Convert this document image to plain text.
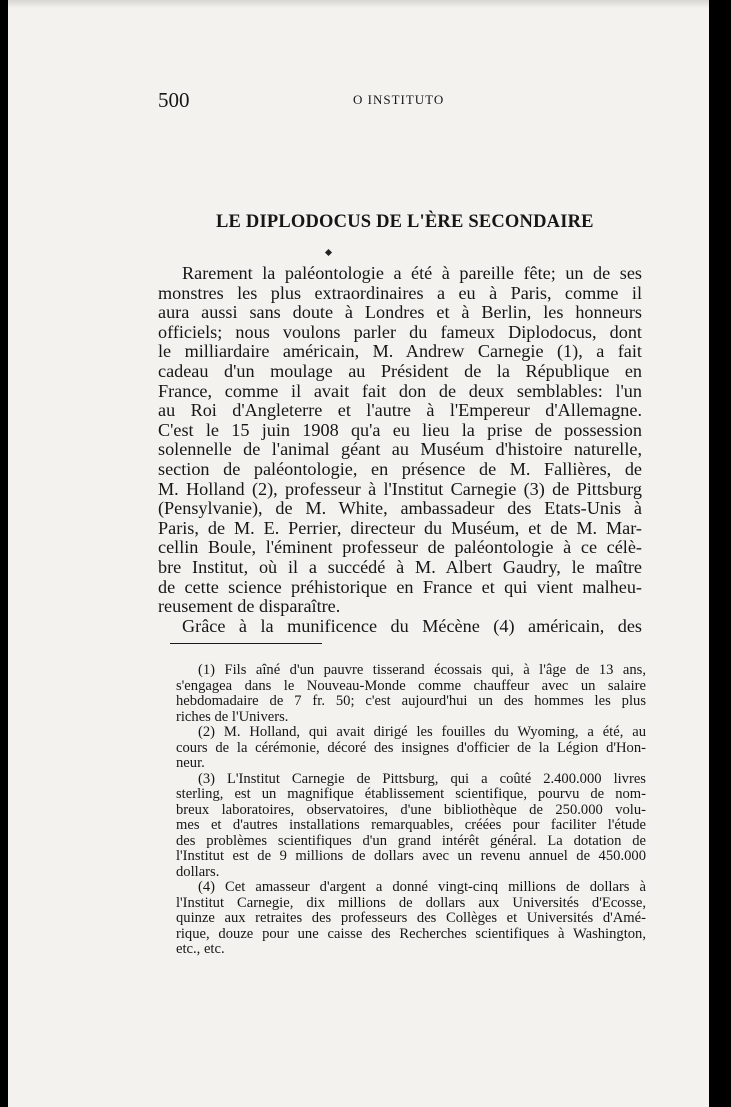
500	O INSTITUTO
LE DIPLODOCUS DE L'ÈRE SECONDAIRE
Rarement la paléontologie a été à pareille fête; un de ses
monstres les plus extraordinaires a eu à Paris, comme il
aura aussi sans doute à Londres et à Berlin, les honneurs
officiels; nous voulons parler du fameux Diplodocus, dont
le milliardaire américain, M. Andrew Carnegie (1), a fait
cadeau d'un moulage au Président de la République en
France, comme il avait fait don de deux semblables: l'un
au Roi d'Angleterre et l'autre à l'Empereur d'Allemagne.
C'est le 15 juin 1908 qu'a eu lieu la prise de possession
solennelle de l'animal géant au Muséum d'histoire naturelle,
section de paléontologie, en présence de M. Fallières, de
M. Holland (2), professeur à l'Institut Carnegie (3) de Pittsburg
(Pensylvanie), de M. White, ambassadeur des Etats-Unis à
Paris, de M. E. Perrier, directeur du Muséum, et de M. Mar-
cellin Boule, l'éminent professeur de paléontologie à ce célè-
bre Institut, où il a succédé à M. Albert Gaudry, le maître
de cette science préhistorique en France et qui vient malheu-
reusement de disparaître.
Grâce à la munificence du Mécène (4) américain, des
(1) Fils aîné d'un pauvre tisserand écossais qui, à l'âge de 13 ans,
s'engagea dans le Nouveau-Monde comme chauffeur avec un salaire
hebdomadaire de 7 fr. 50; c'est aujourd'hui un des hommes les plus
riches de l'Univers.
(2) M. Holland, qui avait dirigé les fouilles du Wyoming, a été, au
cours de la cérémonie, décoré des insignes d'officier de la Légion d'Hon-
neur.
(3) L'Institut Carnegie de Pittsburg, qui a coûté 2.400.000 livres
sterling, est un magnifique établissement scientifique, pourvu de nom-
breux laboratoires, observatoires, d'une bibliothèque de 250.000 volu-
mes et d'autres installations remarquables, créées pour faciliter l'étude
des problèmes scientifiques d'un grand intérêt général. La dotation de
l'Institut est de 9 millions de dollars avec un revenu annuel de 450.000
dollars.
(4) Cet amasseur d'argent a donné vingt-cinq millions de dollars à
l'Institut Carnegie, dix millions de dollars aux Universités d'Ecosse,
quinze aux retraites des professeurs des Collèges et Universités d'Amé-
rique, douze pour une caisse des Recherches scientifiques à Washington,
etc., etc.
